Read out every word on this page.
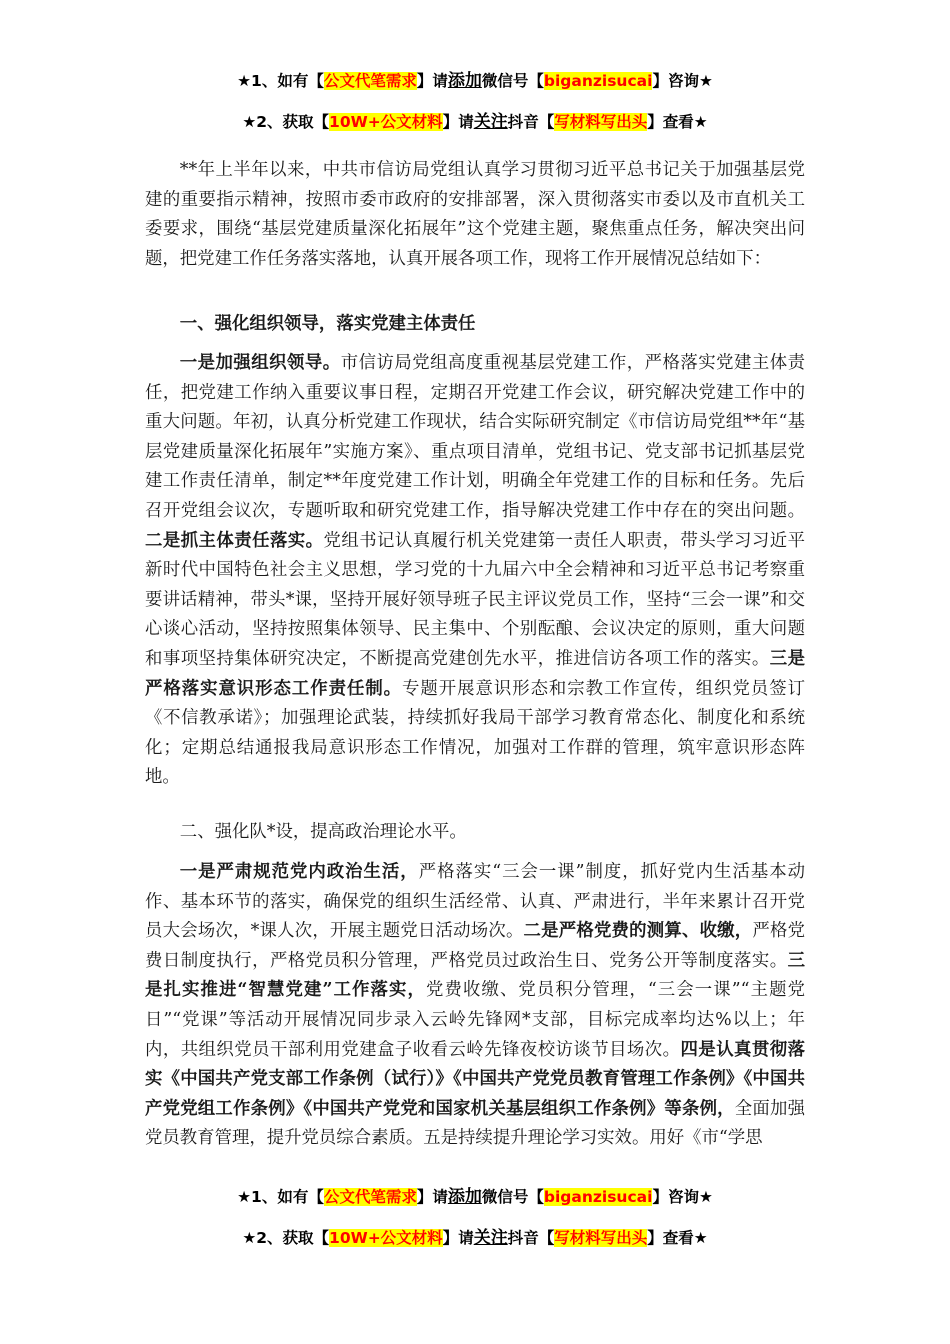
★1、如有【公文代笔需求】请添加微信号【biganzisucai】咨询★
★2、获取【10W+公文材料】请关注抖音【写材料写出头】查看★

**年上半年以来，中共市信访局党组认真学习贯彻习近平总书记关于加强基层党建的重要指示精神，按照市委市政府的安排部署，深入贯彻落实市委以及市直机关工委要求，围绕“基层党建质量深化拓展年”这个党建主题，聚焦重点任务，解决突出问题，把党建工作任务落实落地，认真开展各项工作，现将工作开展情况总结如下：

一、强化组织领导，落实党建主体责任

一是加强组织领导。市信访局党组高度重视基层党建工作，严格落实党建主体责任，把党建工作纳入重要议事日程，定期召开党建工作会议，研究解决党建工作中的重大问题。年初，认真分析党建工作现状，结合实际研究制定《市信访局党组**年“基层党建质量深化拓展年”实施方案》、重点项目清单，党组书记、党支部书记抓基层党建工作责任清单，制定**年度党建工作计划，明确全年党建工作的目标和任务。先后召开党组会议次，专题听取和研究党建工作，指导解决党建工作中存在的突出问题。二是抓主体责任落实。党组书记认真履行机关党建第一责任人职责，带头学习习近平新时代中国特色社会主义思想，学习党的十九届六中全会精神和习近平总书记考察重要讲话精神，带头*课，坚持开展好领导班子民主评议党员工作，坚持“三会一课”和交心谈心活动，坚持按照集体领导、民主集中、个别酝酿、会议决定的原则，重大问题和事项坚持集体研究决定，不断提高党建创先水平，推进信访各项工作的落实。三是严格落实意识形态工作责任制。专题开展意识形态和宗教工作宣传，组织党员签订《不信教承诺》；加强理论武装，持续抓好我局干部学习教育常态化、制度化和系统化；定期总结通报我局意识形态工作情况，加强对工作群的管理，筑牢意识形态阵地。

二、强化队*设，提高政治理论水平。

一是严肃规范党内政治生活，严格落实“三会一课”制度，抓好党内生活基本动作、基本环节的落实，确保党的组织生活经常、认真、严肃进行，半年来累计召开党员大会场次，*课人次，开展主题党日活动场次。二是严格党费的测算、收缴，严格党费日制度执行，严格党员积分管理，严格党员过政治生日、党务公开等制度落实。三是扎实推进“智慧党建”工作落实，党费收缴、党员积分管理，“三会一课”“主题党日”“党课”等活动开展情况同步录入云岭先锋网*支部，目标完成率均达%以上；年内，共组织党员干部利用党建盒子收看云岭先锋夜校访谈节目场次。四是认真贯彻落实《中国共产党支部工作条例（试行）》《中国共产党党员教育管理工作条例》《中国共产党党组工作条例》《中国共产党党和国家机关基层组织工作条例》等条例，全面加强党员教育管理，提升党员综合素质。五是持续提升理论学习实效。用好《市“学思

★1、如有【公文代笔需求】请添加微信号【biganzisucai】咨询★
★2、获取【10W+公文材料】请关注抖音【写材料写出头】查看★
